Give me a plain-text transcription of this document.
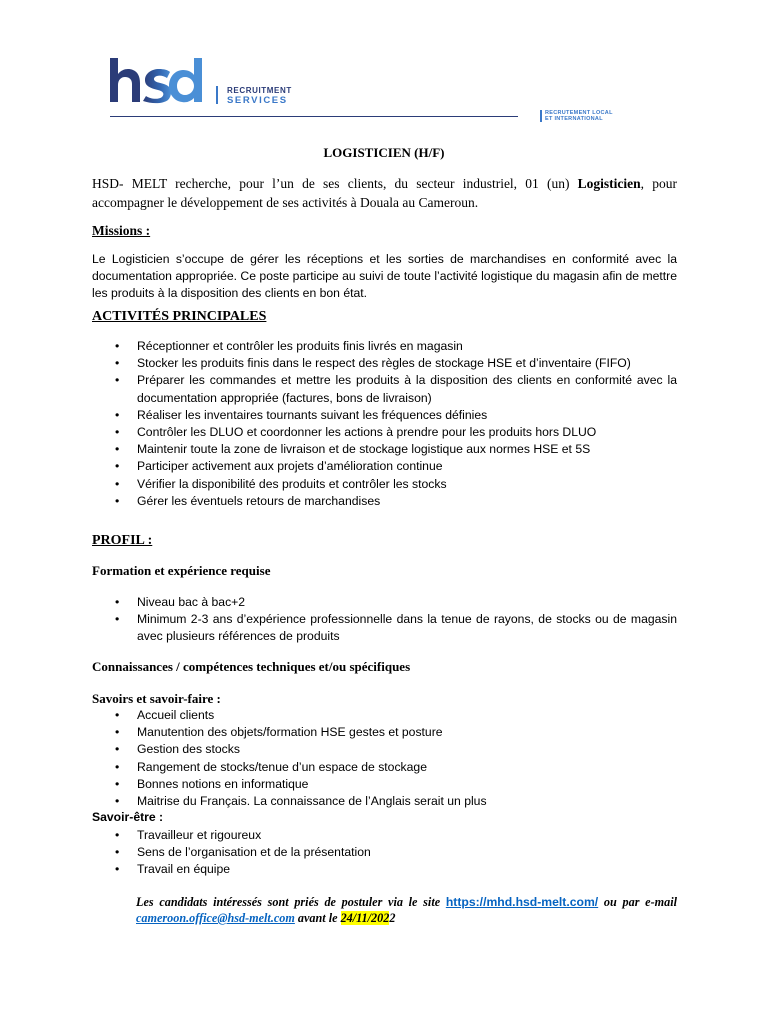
RECRUITMENT
SERVICES
RECRUTEMENT LOCAL
ET INTERNATIONAL
LOGISTICIEN (H/F)
HSD- MELT recherche, pour l’un de ses clients, du secteur industriel, 01 (un) Logisticien, pour accompagner le développement de ses activités à Douala au Cameroun.
Missions :
Le Logisticien s’occupe de gérer les réceptions et les sorties de marchandises en conformité avec la documentation appropriée. Ce poste participe au suivi de toute l’activité logistique du magasin afin de mettre les produits à la disposition des clients en bon état.
ACTIVITÉS PRINCIPALES
• Réceptionner et contrôler les produits finis livrés en magasin
• Stocker les produits finis dans le respect des règles de stockage HSE et d’inventaire (FIFO)
• Préparer les commandes et mettre les produits à la disposition des clients en conformité avec la documentation appropriée (factures, bons de livraison)
• Réaliser les inventaires tournants suivant les fréquences définies
• Contrôler les DLUO et coordonner les actions à prendre pour les produits hors DLUO
• Maintenir toute la zone de livraison et de stockage logistique aux normes HSE et 5S
• Participer activement aux projets d’amélioration continue
• Vérifier la disponibilité des produits et contrôler les stocks
• Gérer les éventuels retours de marchandises
PROFIL :
Formation et expérience requise
• Niveau bac à bac+2
• Minimum 2-3 ans d’expérience professionnelle dans la tenue de rayons, de stocks ou de magasin avec plusieurs références de produits
Connaissances / compétences techniques et/ou spécifiques
Savoirs et savoir-faire :
• Accueil clients
• Manutention des objets/formation HSE gestes et posture
• Gestion des stocks
• Rangement de stocks/tenue d’un espace de stockage
• Bonnes notions en informatique
• Maitrise du Français. La connaissance de l’Anglais serait un plus
Savoir-être :
• Travailleur et rigoureux
• Sens de l’organisation et de la présentation
• Travail en équipe
Les candidats intéressés sont priés de postuler via le site https://mhd.hsd-melt.com/ ou par e-mail cameroon.office@hsd-melt.com avant le 24/11/2022
